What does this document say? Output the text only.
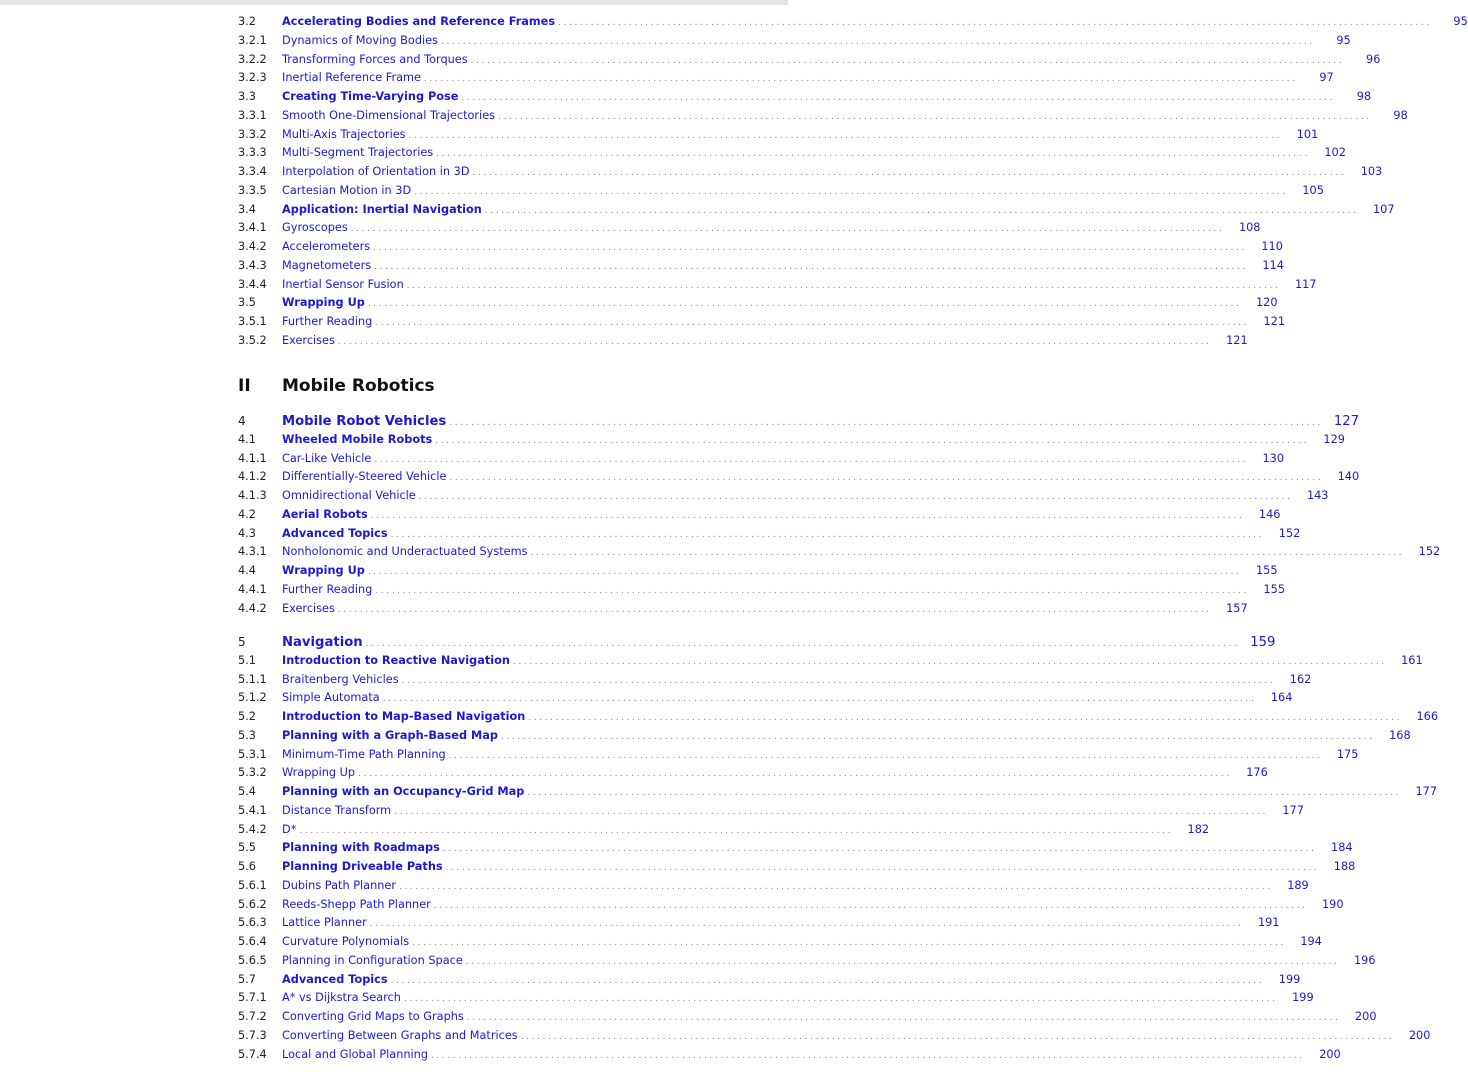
3.2	Accelerating Bodies and Reference Frames ................................................................................................................................................................	95
3.2.1	Dynamics of Moving Bodies ................................................................................................................................................................	95
3.2.2	Transforming Forces and Torques ................................................................................................................................................................	96
3.2.3	Inertial Reference Frame ................................................................................................................................................................	97
3.3	Creating Time-Varying Pose ................................................................................................................................................................	98
3.3.1	Smooth One-Dimensional Trajectories ................................................................................................................................................................	98
3.3.2	Multi-Axis Trajectories ................................................................................................................................................................	101
3.3.3	Multi-Segment Trajectories ................................................................................................................................................................	102
3.3.4	Interpolation of Orientation in 3D ................................................................................................................................................................	103
3.3.5	Cartesian Motion in 3D ................................................................................................................................................................	105
3.4	Application: Inertial Navigation ................................................................................................................................................................	107
3.4.1	Gyroscopes ................................................................................................................................................................	108
3.4.2	Accelerometers ................................................................................................................................................................	110
3.4.3	Magnetometers ................................................................................................................................................................	114
3.4.4	Inertial Sensor Fusion ................................................................................................................................................................	117
3.5	Wrapping Up ................................................................................................................................................................	120
3.5.1	Further Reading ................................................................................................................................................................	121
3.5.2	Exercises ................................................................................................................................................................	121
II	Mobile Robotics
4	Mobile Robot Vehicles ................................................................................................................................................................ 127
4.1	Wheeled Mobile Robots ................................................................................................................................................................	129
4.1.1	Car-Like Vehicle ................................................................................................................................................................	130
4.1.2	Differentially-Steered Vehicle ................................................................................................................................................................	140
4.1.3	Omnidirectional Vehicle ................................................................................................................................................................	143
4.2	Aerial Robots ................................................................................................................................................................	146
4.3	Advanced Topics ................................................................................................................................................................	152
4.3.1	Nonholonomic and Underactuated Systems ................................................................................................................................................................	152
4.4	Wrapping Up ................................................................................................................................................................	155
4.4.1	Further Reading ................................................................................................................................................................	155
4.4.2	Exercises ................................................................................................................................................................	157
5	Navigation ................................................................................................................................................................ 159
5.1	Introduction to Reactive Navigation ................................................................................................................................................................	161
5.1.1	Braitenberg Vehicles ................................................................................................................................................................	162
5.1.2	Simple Automata ................................................................................................................................................................	164
5.2	Introduction to Map-Based Navigation ................................................................................................................................................................	166
5.3	Planning with a Graph-Based Map ................................................................................................................................................................	168
5.3.1	Minimum-Time Path Planning ................................................................................................................................................................	175
5.3.2	Wrapping Up ................................................................................................................................................................	176
5.4	Planning with an Occupancy-Grid Map ................................................................................................................................................................	177
5.4.1	Distance Transform ................................................................................................................................................................	177
5.4.2	D* ................................................................................................................................................................	182
5.5	Planning with Roadmaps ................................................................................................................................................................	184
5.6	Planning Driveable Paths ................................................................................................................................................................	188
5.6.1	Dubins Path Planner ................................................................................................................................................................	189
5.6.2	Reeds-Shepp Path Planner ................................................................................................................................................................	190
5.6.3	Lattice Planner ................................................................................................................................................................	191
5.6.4	Curvature Polynomials ................................................................................................................................................................	194
5.6.5	Planning in Configuration Space ................................................................................................................................................................	196
5.7	Advanced Topics ................................................................................................................................................................	199
5.7.1	A* vs Dijkstra Search ................................................................................................................................................................	199
5.7.2	Converting Grid Maps to Graphs ................................................................................................................................................................	200
5.7.3	Converting Between Graphs and Matrices ................................................................................................................................................................	200
5.7.4	Local and Global Planning ................................................................................................................................................................	200
